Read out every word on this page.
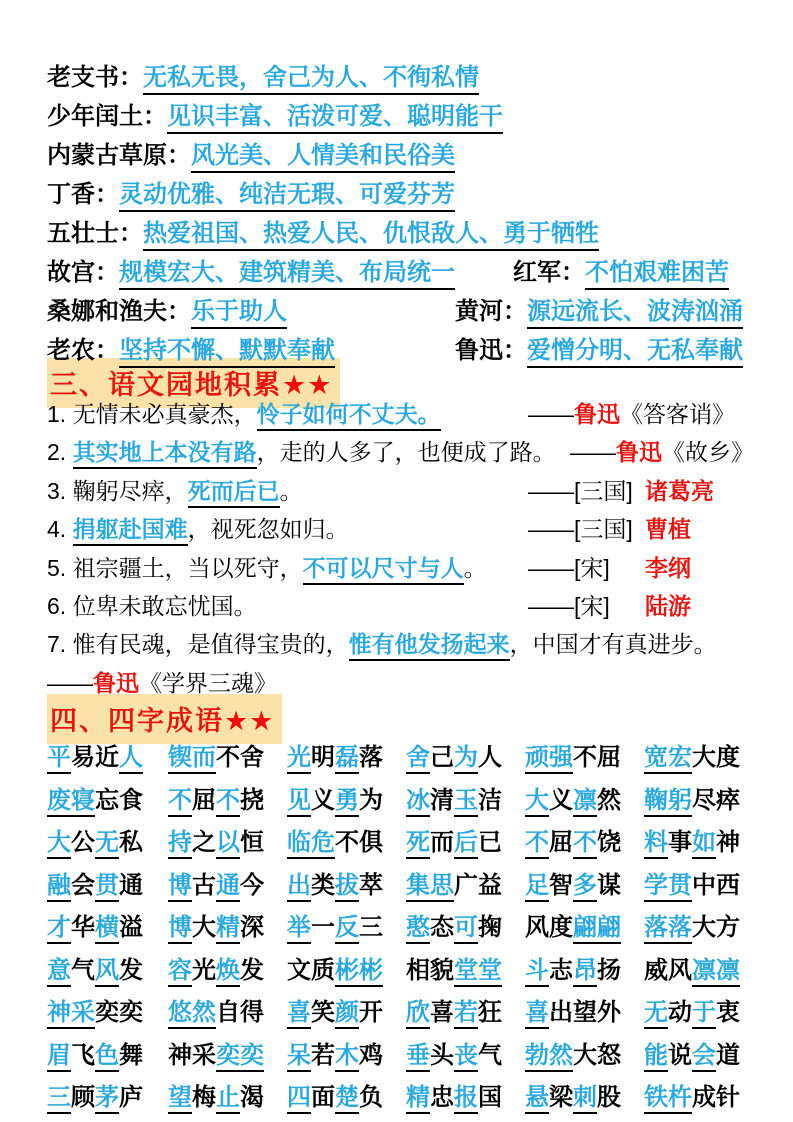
三、语文园地积累★★
四、四字成语★★
老支书：无私无畏，舍己为人、不徇私情
少年闰土：见识丰富、活泼可爱、聪明能干
内蒙古草原：风光美、人情美和民俗美
丁香：灵动优雅、纯洁无瑕、可爱芬芳
五壮士：热爱祖国、热爱人民、仇恨敌人、勇于牺牲
故宫：规模宏大、建筑精美、布局统一 红军：不怕艰难困苦
桑娜和渔夫：乐于助人	黄河：源远流长、波涛汹涌
老农：坚持不懈、默默奉献	鲁迅：爱憎分明、无私奉献
1. 无情未必真豪杰，怜子如何不丈夫。	——鲁迅《答客诮》
2. 其实地上本没有路，走的人多了，也便成了路。 ——鲁迅《故乡》
3. 鞠躬尽瘁，死而后已。	——[三国] 诸葛亮
4. 捐躯赴国难，视死忽如归。	——[三国] 曹植
5. 祖宗疆土，当以死守，不可以尺寸与人。 ——[宋] 李纲
6. 位卑未敢忘忧国。	——[宋] 陆游
7. 惟有民魂，是值得宝贵的，惟有他发扬起来，中国才有真进步。
——鲁迅《学界三魂》
平易近人 锲而不舍 光明磊落 舍己为人 顽强不屈 宽宏大度
废寝忘食 不屈不挠 见义勇为 冰清玉洁 大义凛然 鞠躬尽瘁
大公无私 持之以恒 临危不俱 死而后已 不屈不饶 料事如神
融会贯通 博古通今 出类拔萃 集思广益 足智多谋 学贯中西
才华横溢 博大精深 举一反三 憨态可掬 风度翩翩 落落大方
意气风发 容光焕发 文质彬彬 相貌堂堂 斗志昂扬 威风凛凛
神采奕奕 悠然自得 喜笑颜开 欣喜若狂 喜出望外 无动于衷
眉飞色舞 神采奕奕 呆若木鸡 垂头丧气 勃然大怒 能说会道
三顾茅庐 望梅止渴 四面楚负 精忠报国 悬梁刺股 铁杵成针
